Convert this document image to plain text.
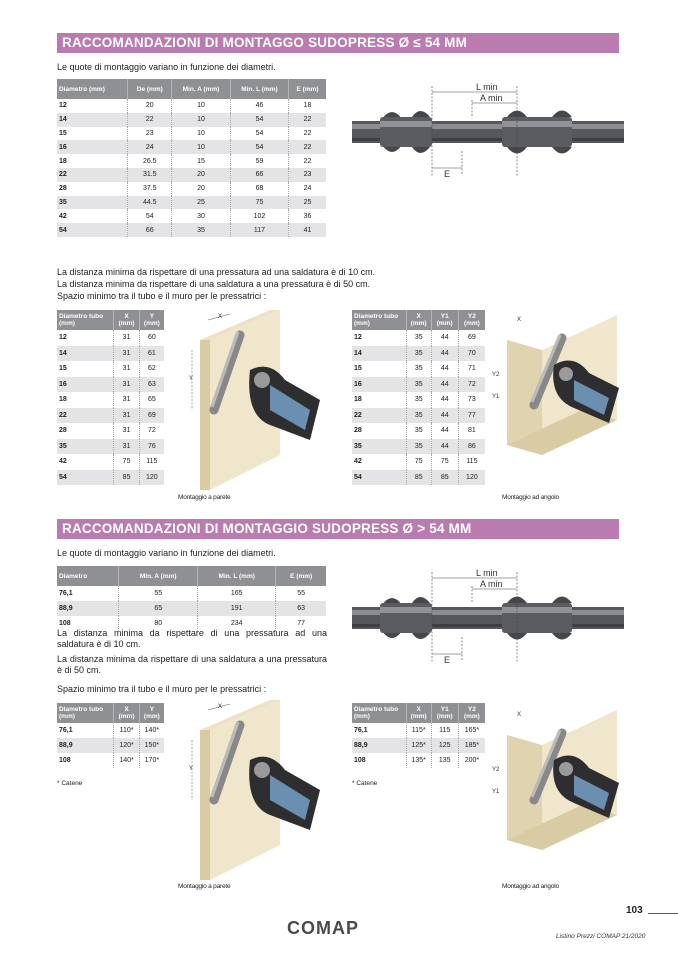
RACCOMANDAZIONI DI MONTAGGO SUDOPRESS Ø ≤ 54 MM
Le quote di montaggio variano in funzione dei diametri.
Diametro (mm)	De (mm)	Min. A (mm)	Min. L (mm)	E (mm)
12	20	10	46	18
14	22	10	54	22
15	23	10	54	22
16	24	10	54	22
18	26.5	15	59	22
22	31.5	20	66	23
28	37.5	20	68	24
35	44.5	25	75	25
42	54	30	102	36
54	66	35	117	41
L min
A min
E
La distanza minima da rispettare di una pressatura ad una saldatura è di 10 cm.
La distanza minima da rispettare di una saldatura a una pressatura è di 50 cm.
Spazio minimo tra il tubo e il muro per le pressatrici :
Diametro tubo (mm)	X (mm)	Y (mm)
12	31	60
14	31	61
15	31	62
16	31	63
18	31	65
22	31	69
28	31	72
35	31	76
42	75	115
54	85	120
Diametro tubo (mm)	X (mm)	Y1 (mm)	Y2 (mm)
12	35	44	69
14	35	44	70
15	35	44	71
16	35	44	72
18	35	44	73
22	35	44	77
28	35	44	81
35	35	44	86
42	75	75	115
54	85	85	120
X
Y
Montaggio a parete
X
Y2
Y1
Montaggio ad angolo
RACCOMANDAZIONI DI MONTAGGIO SUDOPRESS Ø > 54 MM
Le quote di montaggio variano in funzione dei diametri.
Diametro	Min. A (mm)	Min. L (mm)	E (mm)
76,1	55	165	55
88,9	65	191	63
108	80	234	77
L min
A min
E
La distanza minima da rispettare di una pressatura ad una saldatura è di 10 cm.
La distanza minima da rispettare di una saldatura a una pressatura è di 50 cm.
Spazio minimo tra il tubo e il muro per le pressatrici :
Diametro tubo (mm)	X (mm)	Y (mm)
76,1	110*	140*
88,9	120*	150*
108	140*	170*
* Catene
Diametro tubo (mm)	X (mm)	Y1 (mm)	Y2 (mm)
76,1	115*	115	165*
88,9	125*	125	185*
108	135*	135	200*
* Catene
X
Y
Montaggio a parete
X
Y2
Y1
Montaggio ad angolo
103
COMAP	Listino Prezzi COMAP 21/2020
